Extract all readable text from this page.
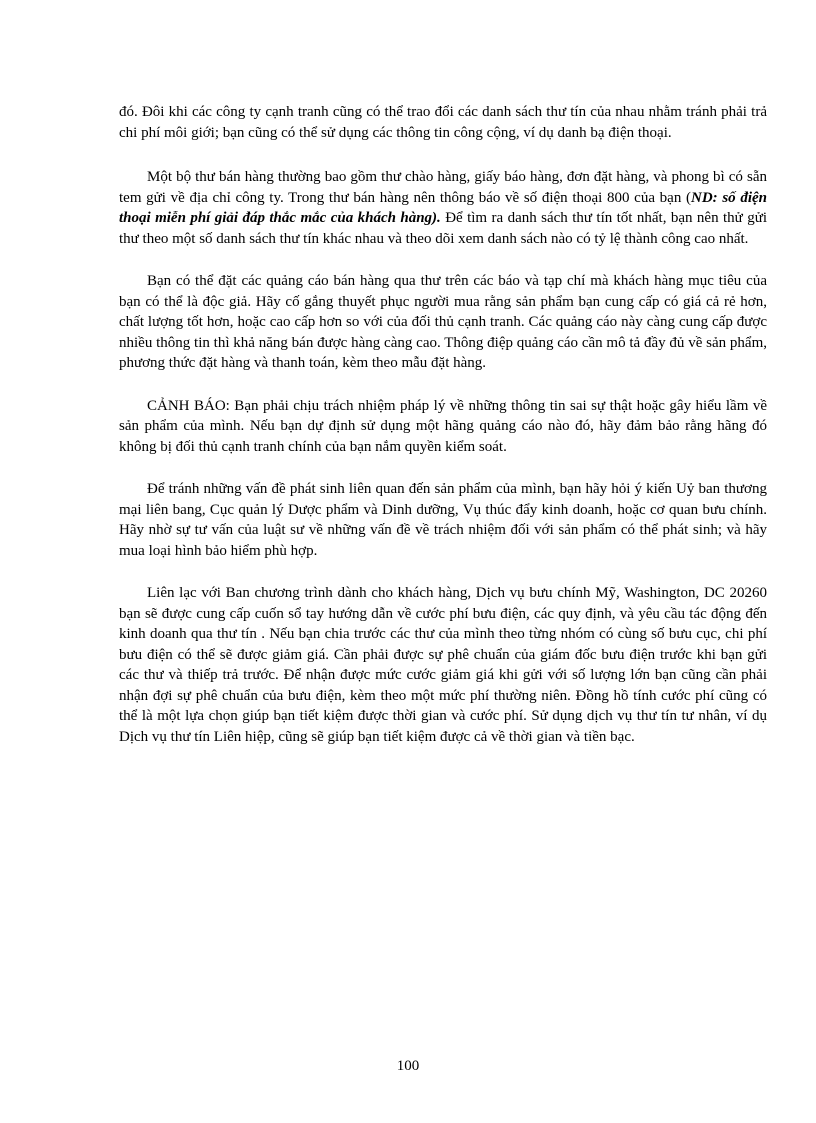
đó. Đôi khi các công ty cạnh tranh cũng có thể trao đổi các danh sách thư tín của nhau nhằm tránh phải trả chi phí môi giới; bạn cũng có thể sử dụng các thông tin công cộng, ví dụ danh bạ điện thoại.

Một bộ thư bán hàng thường bao gồm thư chào hàng, giấy báo hàng, đơn đặt hàng, và phong bì có sẵn tem gửi về địa chỉ công ty. Trong thư bán hàng nên thông báo về số điện thoại 800 của bạn (ND: số điện thoại miễn phí giải đáp thắc mắc của khách hàng). Để tìm ra danh sách thư tín tốt nhất, bạn nên thử gửi thư theo một số danh sách thư tín khác nhau và theo dõi xem danh sách nào có tỷ lệ thành công cao nhất.

Bạn có thể đặt các quảng cáo bán hàng qua thư trên các báo và tạp chí mà khách hàng mục tiêu của bạn có thể là độc giả. Hãy cố gắng thuyết phục người mua rằng sản phẩm bạn cung cấp có giá cả rẻ hơn, chất lượng tốt hơn, hoặc cao cấp hơn so với của đối thủ cạnh tranh. Các quảng cáo này càng cung cấp được nhiều thông tin thì khả năng bán được hàng càng cao. Thông điệp quảng cáo cần mô tả đầy đủ về sản phẩm, phương thức đặt hàng và thanh toán, kèm theo mẫu đặt hàng.

CẢNH BÁO: Bạn phải chịu trách nhiệm pháp lý về những thông tin sai sự thật hoặc gây hiểu lầm về sản phẩm của mình. Nếu bạn dự định sử dụng một hãng quảng cáo nào đó, hãy đảm bảo rằng hãng đó không bị đối thủ cạnh tranh chính của bạn nắm quyền kiểm soát.

Để tránh những vấn đề phát sinh liên quan đến sản phẩm của mình, bạn hãy hỏi ý kiến Uỷ ban thương mại liên bang, Cục quản lý Dược phẩm và Dinh dưỡng, Vụ thúc đẩy kinh doanh, hoặc cơ quan bưu chính. Hãy nhờ sự tư vấn của luật sư về những vấn đề về trách nhiệm đối với sản phẩm có thể phát sinh; và hãy mua loại hình bảo hiểm phù hợp.

Liên lạc với Ban chương trình dành cho khách hàng, Dịch vụ bưu chính Mỹ, Washington, DC 20260 bạn sẽ được cung cấp cuốn sổ tay hướng dẫn về cước phí bưu điện, các quy định, và yêu cầu tác động đến kinh doanh qua thư tín . Nếu bạn chia trước các thư của mình theo từng nhóm có cùng số bưu cục, chi phí bưu điện có thể sẽ được giảm giá. Cần phải được sự phê chuẩn của giám đốc bưu điện trước khi bạn gửi các thư và thiếp trả trước. Để nhận được mức cước giảm giá khi gửi với số lượng lớn bạn cũng cần phải nhận đợi sự phê chuẩn của bưu điện, kèm theo một mức phí thường niên. Đồng hồ tính cước phí cũng có thể là một lựa chọn giúp bạn tiết kiệm được thời gian và cước phí. Sử dụng dịch vụ thư tín tư nhân, ví dụ Dịch vụ thư tín Liên hiệp, cũng sẽ giúp bạn tiết kiệm được cả về thời gian và tiền bạc.

100
